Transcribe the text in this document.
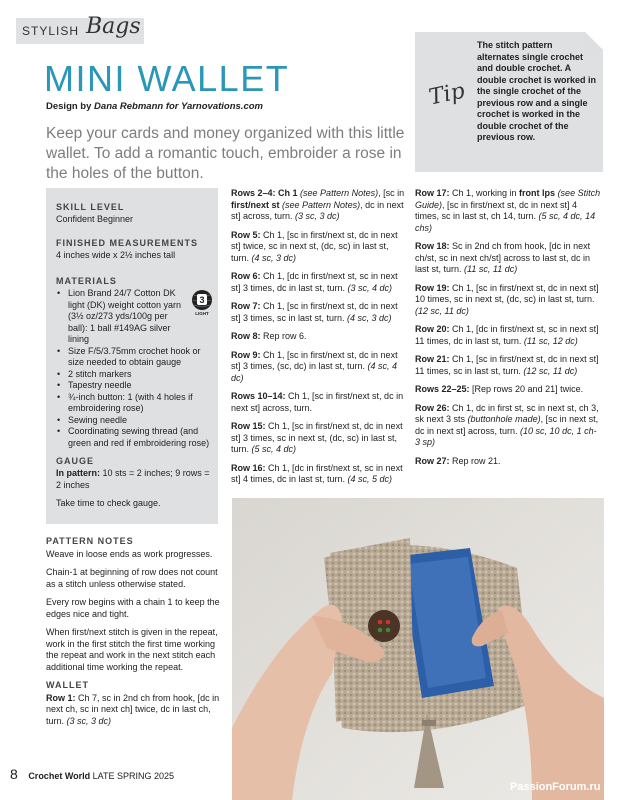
STYLISH Bags
MINI WALLET
Design by Dana Rebmann for Yarnovations.com
Keep your cards and money organized with this little wallet. To add a romantic touch, embroider a rose in the holes of the button.
Tip
The stitch pattern alternates single crochet and double crochet. A double crochet is worked in the single crochet of the previous row and a single crochet is worked in the double crochet of the previous row.
SKILL LEVEL
Confident Beginner
FINISHED MEASUREMENTS
4 inches wide x 2½ inches tall
MATERIALS
3
LIGHT
• Lion Brand 24/7 Cotton DK light (DK) weight cotton yarn (3½ oz/273 yds/100g per ball): 1 ball #149AG silver lining
• Size F/5/3.75mm crochet hook or size needed to obtain gauge
• 2 stitch markers
• Tapestry needle
• ¾-inch button: 1 (with 4 holes if embroidering rose)
• Sewing needle
• Coordinating sewing thread (and green and red if embroidering rose)
GAUGE
In pattern: 10 sts = 2 inches; 9 rows = 2 inches
Take time to check gauge.
PATTERN NOTES

Weave in loose ends as work progresses.

Chain-1 at beginning of row does not count as a stitch unless otherwise stated.

Every row begins with a chain 1 to keep the edges nice and tight.

When first/next stitch is given in the repeat, work in the first stitch the first time working the repeat and work in the next stitch each additional time working the repeat.

WALLET

Row 1: Ch 7, sc in 2nd ch from hook, [dc in next ch, sc in next ch] twice, dc in last ch, turn. (3 sc, 3 dc)

Rows 2–4: Ch 1 (see Pattern Notes), [sc in first/next st (see Pattern Notes), dc in next st] across, turn. (3 sc, 3 dc)

Row 5: Ch 1, [sc in first/next st, dc in next st] twice, sc in next st, (dc, sc) in last st, turn. (4 sc, 3 dc)

Row 6: Ch 1, [dc in first/next st, sc in next st] 3 times, dc in last st, turn. (3 sc, 4 dc)

Row 7: Ch 1, [sc in first/next st, dc in next st] 3 times, sc in last st, turn. (4 sc, 3 dc)

Row 8: Rep row 6.

Row 9: Ch 1, [sc in first/next st, dc in next st] 3 times, (sc, dc) in last st, turn. (4 sc, 4 dc)

Rows 10–14: Ch 1, [sc in first/next st, dc in next st] across, turn.

Row 15: Ch 1, [sc in first/next st, dc in next st] 3 times, sc in next st, (dc, sc) in last st, turn. (5 sc, 4 dc)

Row 16: Ch 1, [dc in first/next st, sc in next st] 4 times, dc in last st, turn. (4 sc, 5 dc)

Row 17: Ch 1, working in front lps (see Stitch Guide), [sc in first/next st, dc in next st] 4 times, sc in last st, ch 14, turn. (5 sc, 4 dc, 14 chs)

Row 18: Sc in 2nd ch from hook, [dc in next ch/st, sc in next ch/st] across to last st, dc in last st, turn. (11 sc, 11 dc)

Row 19: Ch 1, [sc in first/next st, dc in next st] 10 times, sc in next st, (dc, sc) in last st, turn. (12 sc, 11 dc)

Row 20: Ch 1, [dc in first/next st, sc in next st] 11 times, dc in last st, turn. (11 sc, 12 dc)

Row 21: Ch 1, [sc in first/next st, dc in next st] 11 times, sc in last st, turn. (12 sc, 11 dc)

Rows 22–25: [Rep rows 20 and 21] twice.

Row 26: Ch 1, dc in first st, sc in next st, ch 3, sk next 3 sts (buttonhole made), [sc in next st, dc in next st] across, turn. (10 sc, 10 dc, 1 ch-3 sp)

Row 27: Rep row 21.

8 Crochet World LATE SPRING 2025
PassionForum.ru
